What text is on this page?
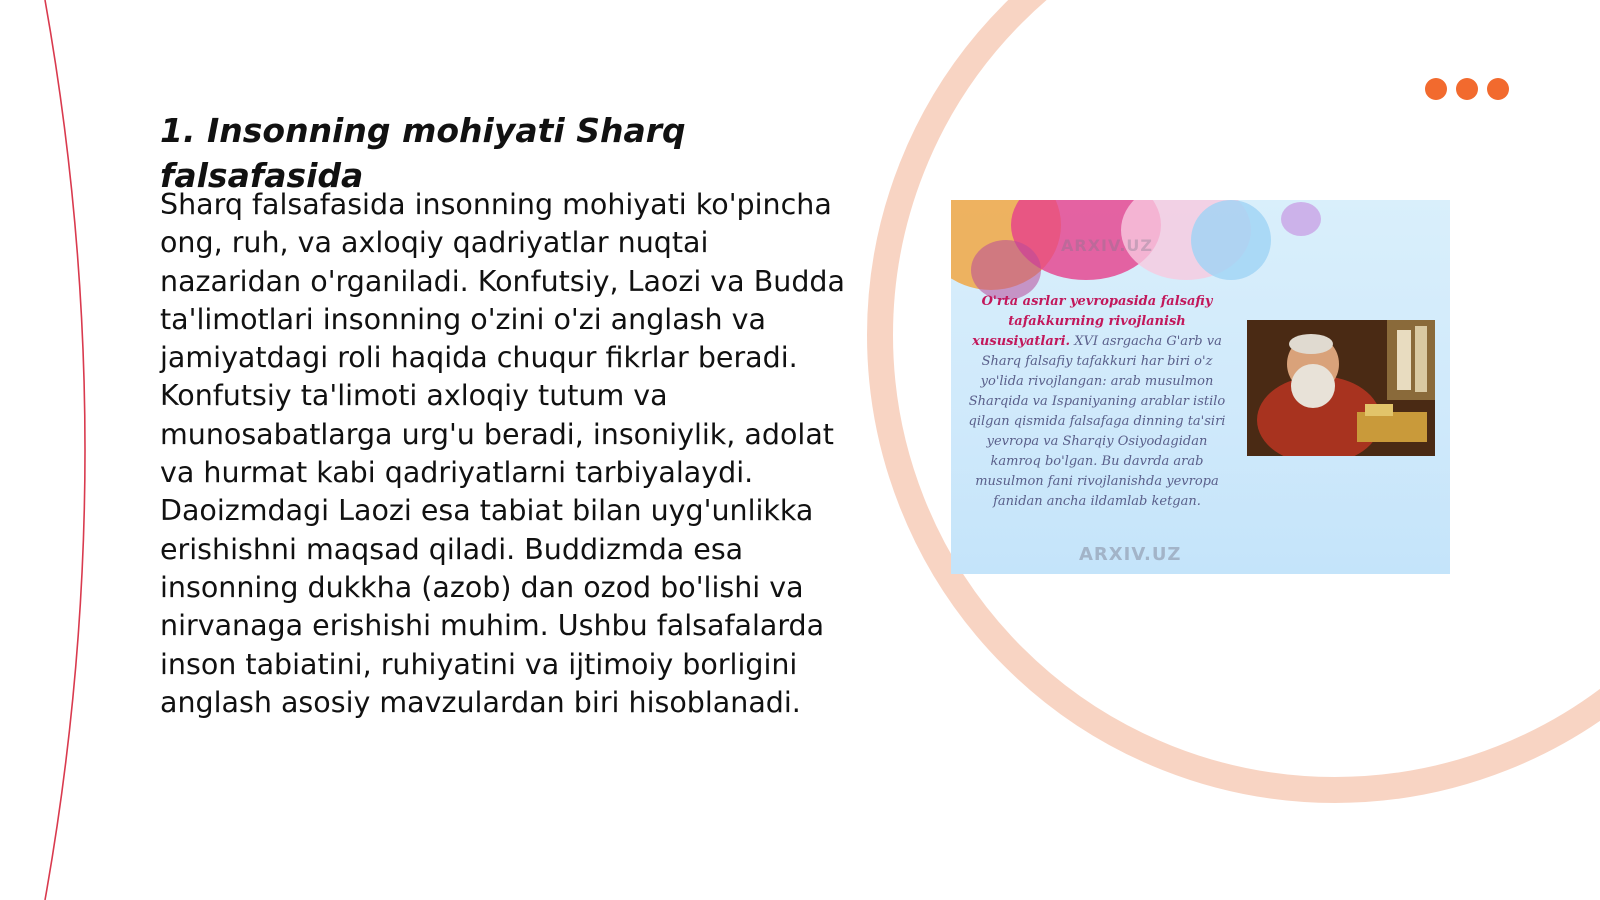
1. Insonning mohiyati Sharq falsafasida

Sharq falsafasida insonning mohiyati ko'pincha ong, ruh, va axloqiy qadriyatlar nuqtai nazaridan o'rganiladi. Konfutsiy, Laozi va Budda ta'limotlari insonning o'zini o'zi anglash va jamiyatdagi roli haqida chuqur fikrlar beradi. Konfutsiy ta'limoti axloqiy tutum va munosabatlarga urg'u beradi, insoniylik, adolat va hurmat kabi qadriyatlarni tarbiyalaydi. Daoizmdagi Laozi esa tabiat bilan uyg'unlikka erishishni maqsad qiladi. Buddizmda esa insonning dukkha (azob) dan ozod bo'lishi va nirvanaga erishishi muhim. Ushbu falsafalarda inson tabiatini, ruhiyatini va ijtimoiy borligini anglash asosiy mavzulardan biri hisoblanadi.

ARXIV.UZ

O'rta asrlar yevropasida falsafiy tafakkurning rivojlanish xususiyatlari. XVI asrgacha G'arb va Sharq falsafiy tafakkuri har biri o'z yo'lida rivojlangan: arab musulmon Sharqida va Ispaniyaning arablar istilo qilgan qismida falsafaga dinning ta'siri yevropa va Sharqiy Osiyodagidan kamroq bo'lgan. Bu davrda arab musulmon fani rivojlanishda yevropa fanidan ancha ildamlab ketgan.

ARXIV.UZ
